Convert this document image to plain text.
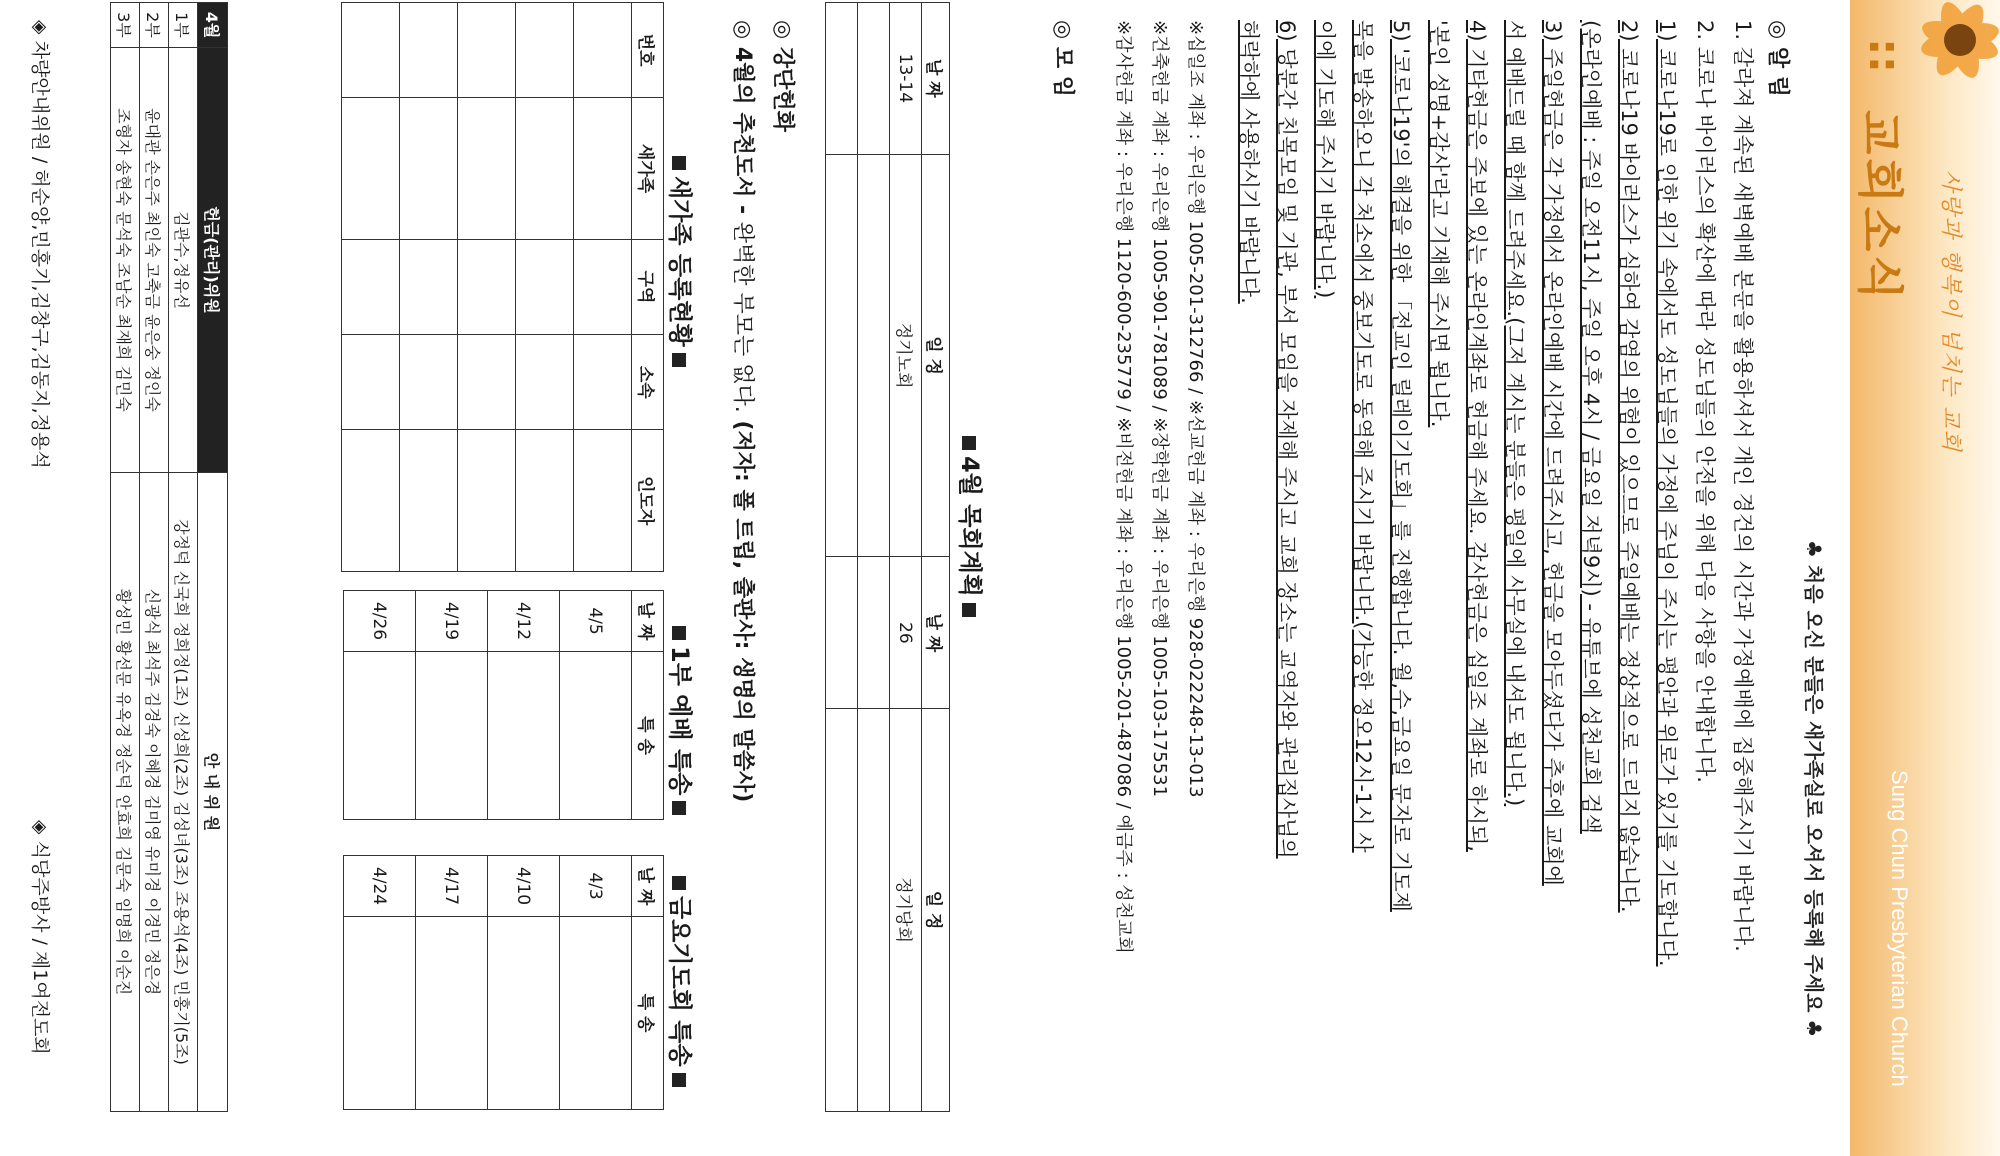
사랑과 행복이 넘치는 교회
::
교회소식
Sung Chun Presbyterian Church
♣ 처음 오신 분들은 새가족실로 오셔서 등록해 주세요 ♣
◎ 알 림
1. 갈라져 계속된 새벽예배 본문을 활용하셔서 개인 경건의 시간과 가정예배에 집중해주시기 바랍니다.
2. 코로나 바이러스의 확산에 따라 성도님들의 안전을 위해 다음 사항을 안내합니다.
1) 코로나19로 인한 위기 속에서도 성도님들의 가정에 주님이 주시는 평안과 위로가 있기를 기도합니다.
2) 코로나19 바이러스가 심하여 감염의 위험이 있으므로 주일예배는 정상적으로 드리지 않습니다.
(온라인예배 : 주일 오전11시, 주일 오후 4시 / 금요일 저녁9시) - 유튜브에 성천교회 검색
3) 주일헌금은 각 가정에서 온라인예배 시간에 드려주시고, 헌금을 모아두셨다가 추후에 교회에
서 예배드릴 때 함께 드려주세요.(그저 계시는 분들은 평일에 사무실에 내셔도 됩니다.)
4) 기타헌금은 주보에 있는 온라인계좌로 헌금해 주세요. 감사헌금은 십일조 계좌로 하시되,
'본인 성명+감사'라고 기재해 주시면 됩니다.
5) '코로나19'의 해결을 위한 「전교인 릴레이기도회」를 진행합니다. 월,수,금요일 문자로 기도제
목을 발송하오니 각 처소에서 중보기도로 동역해 주시기 바랍니다.(가능한 정오12시-1시 사
이에 기도해 주시기 바랍니다.)
6) 당분간 친목모임 및 기관, 부서 모임을 자제해 주시고 교회 장소는 교역자와 관리집사님의
허락하에 사용하시기 바랍니다.
※십일조 계좌 : 우리은행 1005-201-312766 / ※선교헌금 계좌 : 우리은행 928-022248-13-013
※건축헌금 계좌 : 우리은행 1005-901-781089 / ※장학헌금 계좌 : 우리은행 1005-103-175531
※감사헌금 계좌 : 우리은행 1120-600-235779 / ※비전헌금 계좌 : 우리은행 1005-201-487086 / 예금주 : 성천교회
◎ 모 임
4월 목회계획
날 짜	일 정	날 짜	일 정
13-14	정기노회	26	정기당회

◎ 강단헌화
◎ 4월의 추천도서 - 완벽한 부모는 없다. (저자: 폴 트립, 출판사: 생명의 말씀사)
새가족 등록현황
번호	새가족	구역	소속	인도자

1부 예배 특송
날 짜	특 송
4/5	
4/12	
4/19	
4/26	
금요기도회 특송
날 짜	특 송
4/3	
4/10	
4/17	
4/24	
4월	헌금(관리)위원	안 내 위 원
1부	김관수,정유선	강정덕 신국희 정희정(1조) 신성희(2조) 김성녀(3조) 조용석(4조) 민홍기(5조)
2부	윤대관 손은주 최인숙 고축금 윤은숭 정인숙	신광식 최석주 김경숙 이혜경 김미영 유미경 이경민 정은경
3부	조형자 송현숙 문석숙 조남순 최재희 김민숙	황성민 황선문 유옥경 정순덕 안효희 김문숙 임명희 이순진
◈ 차량안내위원 / 허순양,민홍기,김창구,김동지,정용석
◈ 식당주방사 / 제1여전도회
